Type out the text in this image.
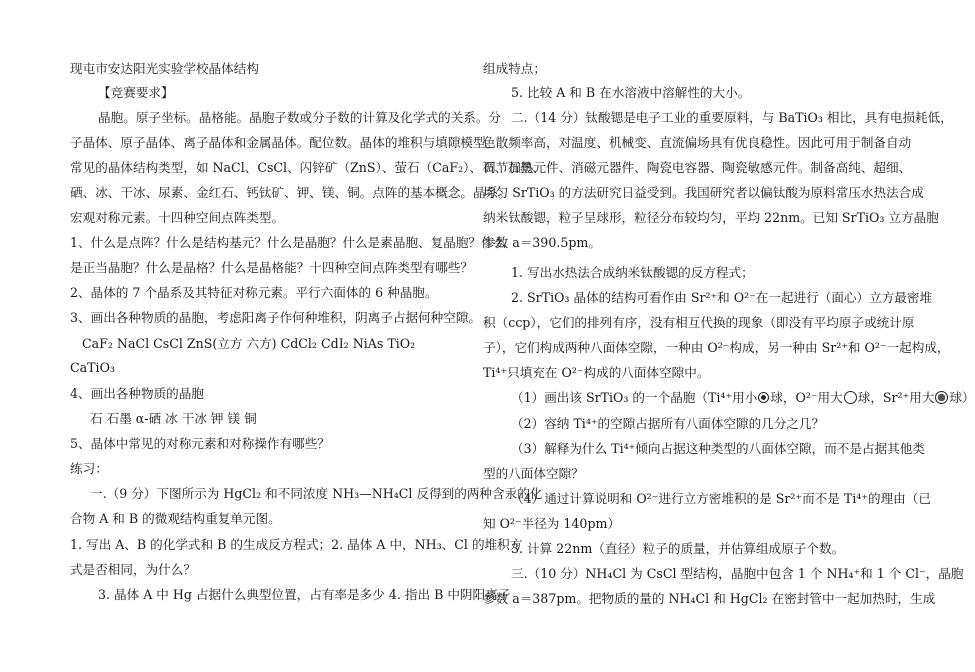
现屯市安达阳光实验学校晶体结构
【竞赛要求】
晶胞。原子坐标。晶格能。晶胞子数或分子数的计算及化学式的关系。分
子晶体、原子晶体、离子晶体和金属晶体。配位数。晶体的堆积与填隙模型。
常见的晶体结构类型，如 NaCl、CsCl、闪锌矿（ZnS）、萤石（CaF₂）、石、石墨、
硒、冰、干冰、尿素、金红石、钙钛矿、钾、镁、铜。点阵的基本概念。晶系。
宏观对称元素。十四种空间点阵类型。
1、什么是点阵？什么是结构基元？什么是晶胞？什么是素晶胞、复晶胞？什么
是正当晶胞？什么是晶格？什么是晶格能？十四种空间点阵类型有哪些？
2、晶体的 7 个晶系及其特征对称元素。平行六面体的 6 种晶胞。
3、画出各种物质的晶胞，考虑阳离子作何种堆积，阴离子占据何种空隙。
CaF₂ NaCl CsCl ZnS(立方 六方) CdCl₂ CdI₂ NiAs TiO₂
CaTiO₃
4、画出各种物质的晶胞
石 石墨 α-硒 冰 干冰 钾 镁 铜
5、晶体中常见的对称元素和对称操作有哪些？
练习：
一.（9 分）下图所示为 HgCl₂ 和不同浓度 NH₃—NH₄Cl 反得到的两种含汞的化
合物 A 和 B 的微观结构重复单元图。
1. 写出 A、B 的化学式和 B 的生成反方程式；2. 晶体 A 中，NH₃、Cl 的堆积方
式是否相同，为什么？
3. 晶体 A 中 Hg 占据什么典型位置，占有率是多少 4. 指出 B 中阴阳离子
组成特点；
5. 比较 A 和 B 在水溶液中溶解性的大小。
二.（14 分）钛酸锶是电子工业的重要原料，与 BaTiO₃ 相比，具有电损耗低，
色散频率高，对温度、机械变、直流偏场具有优良稳性。因此可用于制备自动
调节加热元件、消磁元器件、陶瓷电容器、陶瓷敏感元件。制备高纯、超细、
均匀 SrTiO₃ 的方法研究日益受到。我国研究者以偏钛酸为原料常压水热法合成
纳米钛酸锶，粒子呈球形，粒径分布较均匀，平均 22nm。已知 SrTiO₃ 立方晶胞
参数 a＝390.5pm。
1. 写出水热法合成纳米钛酸锶的反方程式；
2. SrTiO₃ 晶体的结构可看作由 Sr²⁺和 O²⁻在一起进行（面心）立方最密堆
积（ccp），它们的排列有序，没有相互代换的现象（即没有平均原子或统计原
子），它们构成两种八面体空隙，一种由 O²⁻构成，另一种由 Sr²⁺和 O²⁻一起构成，
Ti⁴⁺只填充在 O²⁻构成的八面体空隙中。
（1）画出该 SrTiO₃ 的一个晶胞（Ti⁴⁺用小 球，O²⁻用大 球，Sr²⁺用大 球）
（2）容纳 Ti⁴⁺的空隙占据所有八面体空隙的几分之几？
（3）解释为什么 Ti⁴⁺倾向占据这种类型的八面体空隙，而不是占据其他类
型的八面体空隙？
（4）通过计算说明和 O²⁻进行立方密堆积的是 Sr²⁺而不是 Ti⁴⁺的理由（已
知 O²⁻半径为 140pm）
3. 计算 22nm（直径）粒子的质量，并估算组成原子个数。
三.（10 分）NH₄Cl 为 CsCl 型结构，晶胞中包含 1 个 NH₄⁺和 1 个 Cl⁻，晶胞
参数 a＝387pm。把物质的量的 NH₄Cl 和 HgCl₂ 在密封管中一起加热时，生成
